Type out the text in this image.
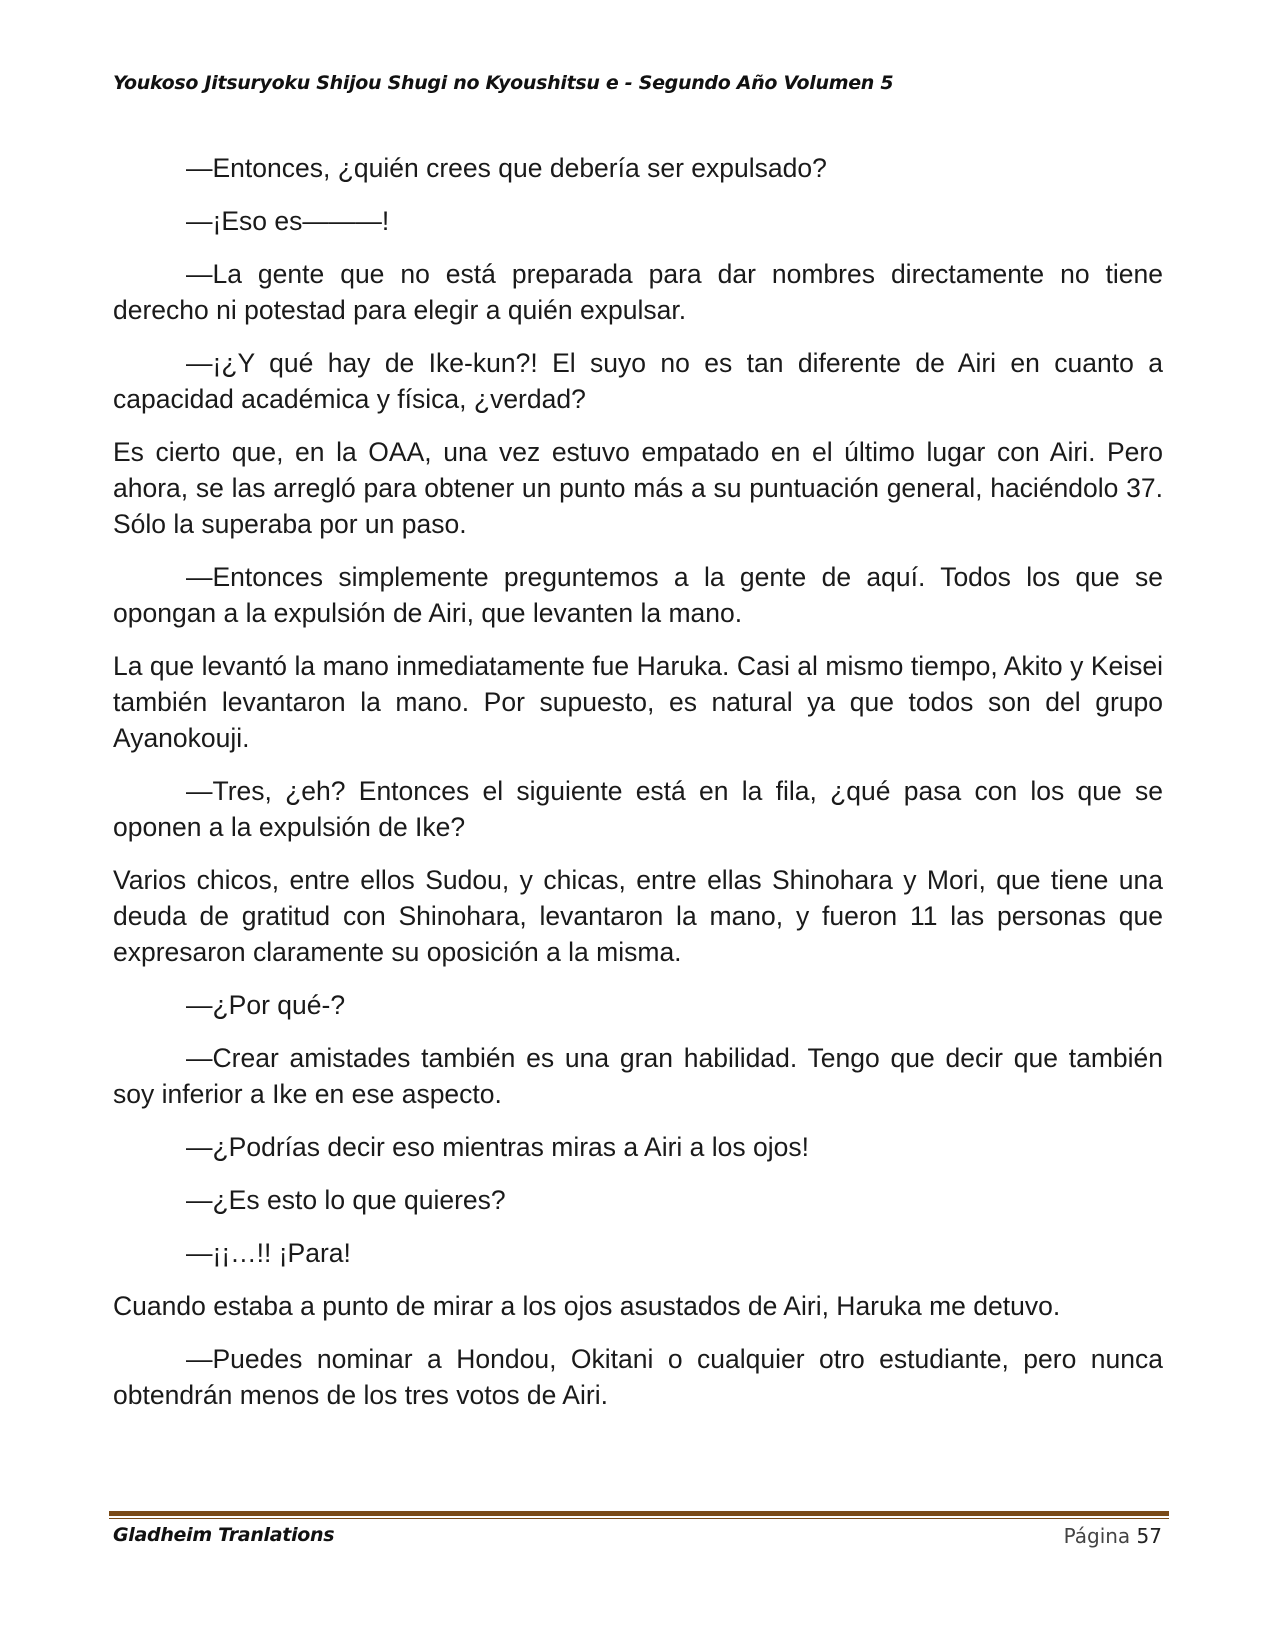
Youkoso Jitsuryoku Shijou Shugi no Kyoushitsu e - Segundo Año Volumen 5

—Entonces, ¿quién crees que debería ser expulsado?

—¡Eso es———!

—La gente que no está preparada para dar nombres directamente no tiene derecho ni potestad para elegir a quién expulsar.

—¡¿Y qué hay de Ike-kun?! El suyo no es tan diferente de Airi en cuanto a capacidad académica y física, ¿verdad?

Es cierto que, en la OAA, una vez estuvo empatado en el último lugar con Airi. Pero ahora, se las arregló para obtener un punto más a su puntuación general, haciéndolo 37. Sólo la superaba por un paso.

—Entonces simplemente preguntemos a la gente de aquí. Todos los que se opongan a la expulsión de Airi, que levanten la mano.

La que levantó la mano inmediatamente fue Haruka. Casi al mismo tiempo, Akito y Keisei también levantaron la mano. Por supuesto, es natural ya que todos son del grupo Ayanokouji.

—Tres, ¿eh? Entonces el siguiente está en la fila, ¿qué pasa con los que se oponen a la expulsión de Ike?

Varios chicos, entre ellos Sudou, y chicas, entre ellas Shinohara y Mori, que tiene una deuda de gratitud con Shinohara, levantaron la mano, y fueron 11 las personas que expresaron claramente su oposición a la misma.

—¿Por qué-?

—Crear amistades también es una gran habilidad. Tengo que decir que también soy inferior a Ike en ese aspecto.

—¿Podrías decir eso mientras miras a Airi a los ojos!

—¿Es esto lo que quieres?

—¡¡…!! ¡Para!

Cuando estaba a punto de mirar a los ojos asustados de Airi, Haruka me detuvo.

—Puedes nominar a Hondou, Okitani o cualquier otro estudiante, pero nunca obtendrán menos de los tres votos de Airi.

Gladheim Tranlations	Página 57
